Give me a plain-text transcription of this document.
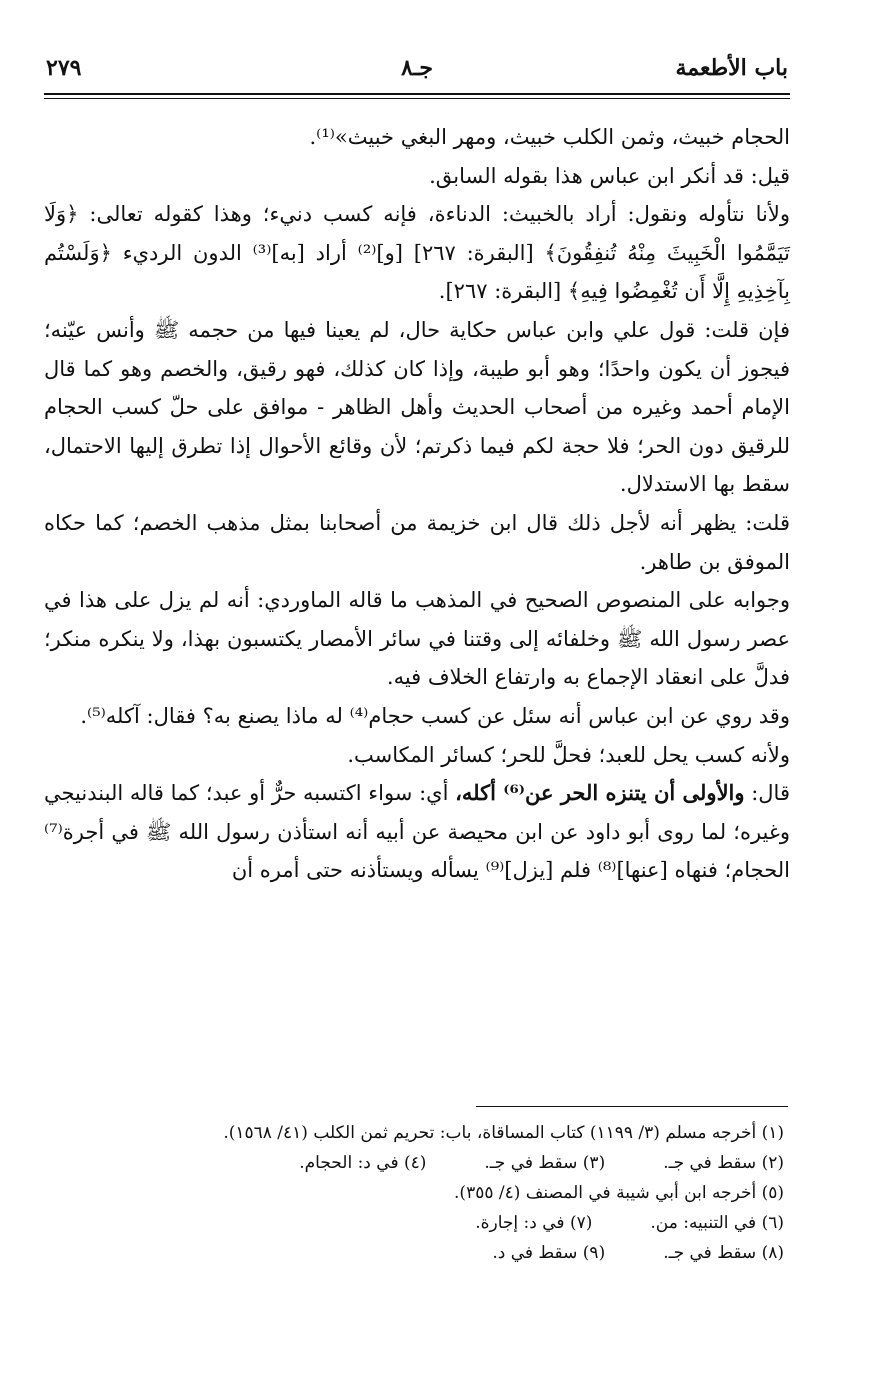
٢٧٩	جـ٨	باب الأطعمة

الحجام خبيث، وثمن الكلب خبيث، ومهر البغي خبيث»⁽¹⁾.

قيل: قد أنكر ابن عباس هذا بقوله السابق.

ولأنا نتأوله ونقول: أراد بالخبيث: الدناءة، فإنه كسب دنيء؛ وهذا كقوله تعالى: ﴿وَلَا تَيَمَّمُوا الْخَبِيثَ مِنْهُ تُنفِقُونَ﴾ [البقرة: ٢٦٧] [و]⁽²⁾ أراد [به]⁽³⁾ الدون الرديء ﴿وَلَسْتُم بِآخِذِيهِ إِلَّا أَن تُغْمِضُوا فِيهِ﴾ [البقرة: ٢٦٧].

فإن قلت: قول علي وابن عباس حكاية حال، لم يعينا فيها من حجمه ﷺ وأنس عيّنه؛ فيجوز أن يكون واحدًا؛ وهو أبو طيبة، وإذا كان كذلك، فهو رقيق، والخصم وهو كما قال الإمام أحمد وغيره من أصحاب الحديث وأهل الظاهر - موافق على حلّ كسب الحجام للرقيق دون الحر؛ فلا حجة لكم فيما ذكرتم؛ لأن وقائع الأحوال إذا تطرق إليها الاحتمال، سقط بها الاستدلال.

قلت: يظهر أنه لأجل ذلك قال ابن خزيمة من أصحابنا بمثل مذهب الخصم؛ كما حكاه الموفق بن طاهر.

وجوابه على المنصوص الصحيح في المذهب ما قاله الماوردي: أنه لم يزل على هذا في عصر رسول الله ﷺ وخلفائه إلى وقتنا في سائر الأمصار يكتسبون بهذا، ولا ينكره منكر؛ فدلَّ على انعقاد الإجماع به وارتفاع الخلاف فيه.

وقد روي عن ابن عباس أنه سئل عن كسب حجام⁽⁴⁾ له ماذا يصنع به؟ فقال: آكله⁽⁵⁾.

ولأنه كسب يحل للعبد؛ فحلَّ للحر؛ كسائر المكاسب.

قال: والأولى أن يتنزه الحر عن⁽⁶⁾ أكله، أي: سواء اكتسبه حرٌّ أو عبد؛ كما قاله البندنيجي وغيره؛ لما روى أبو داود عن ابن محيصة عن أبيه أنه استأذن رسول الله ﷺ في أجرة⁽⁷⁾ الحجام؛ فنهاه [عنها]⁽⁸⁾ فلم [يزل]⁽⁹⁾ يسأله ويستأذنه حتى أمره أن

(١) أخرجه مسلم (٣/ ١١٩٩) كتاب المساقاة، باب: تحريم ثمن الكلب (٤١/ ١٥٦٨).
(٢) سقط في جـ.
(٣) سقط في جـ.
(٤) في د: الحجام.
(٥) أخرجه ابن أبي شيبة في المصنف (٤/ ٣٥٥).
(٦) في التنبيه: من.
(٧) في د: إجارة.
(٨) سقط في جـ.
(٩) سقط في د.
